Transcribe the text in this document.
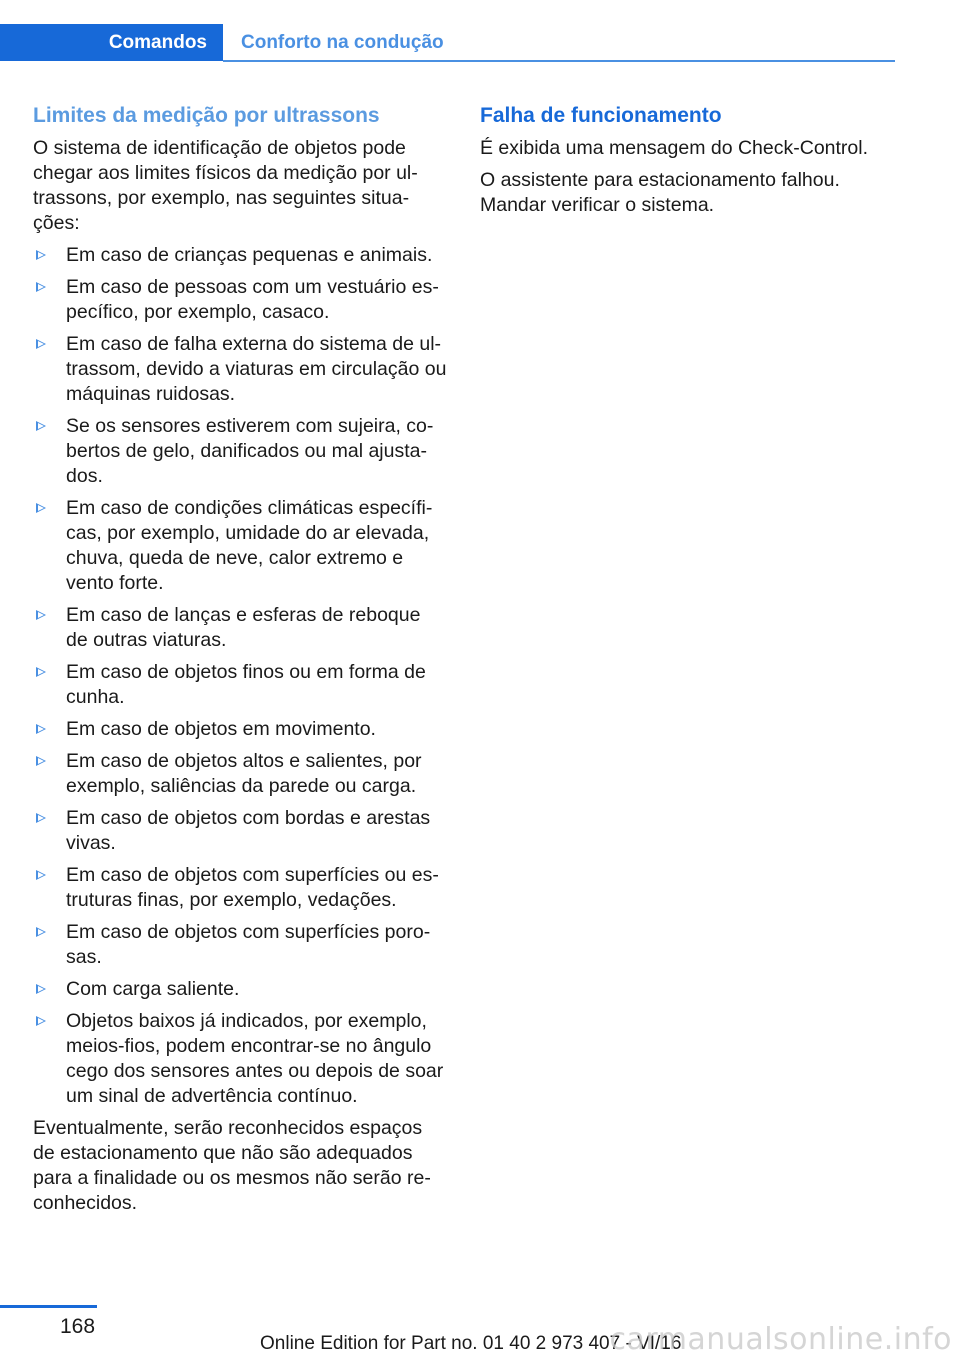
Comandos Conforto na condução
Limites da medição por ultrassons

O sistema de identificação de objetos pode chegar aos limites físicos da medição por ultrassons, por exemplo, nas seguintes situações:

Em caso de crianças pequenas e animais.
Em caso de pessoas com um vestuário específico, por exemplo, casaco.
Em caso de falha externa do sistema de ultrassom, devido a viaturas em circulação ou máquinas ruidosas.
Se os sensores estiverem com sujeira, cobertos de gelo, danificados ou mal ajustados.
Em caso de condições climáticas específicas, por exemplo, umidade do ar elevada, chuva, queda de neve, calor extremo e vento forte.
Em caso de lanças e esferas de reboque de outras viaturas.
Em caso de objetos finos ou em forma de cunha.
Em caso de objetos em movimento.
Em caso de objetos altos e salientes, por exemplo, saliências da parede ou carga.
Em caso de objetos com bordas e arestas vivas.
Em caso de objetos com superfícies ou estruturas finas, por exemplo, vedações.
Em caso de objetos com superfícies porosas.
Com carga saliente.
Objetos baixos já indicados, por exemplo, meios-fios, podem encontrar-se no ângulo cego dos sensores antes ou depois de soar um sinal de advertência contínuo.

Eventualmente, serão reconhecidos espaços de estacionamento que não são adequados para a finalidade ou os mesmos não serão reconhecidos.

Falha de funcionamento

É exibida uma mensagem do Check-Control.

O assistente para estacionamento falhou. Mandar verificar o sistema.

168
Online Edition for Part no. 01 40 2 973 407 - VI/16
carmanualsonline.info
